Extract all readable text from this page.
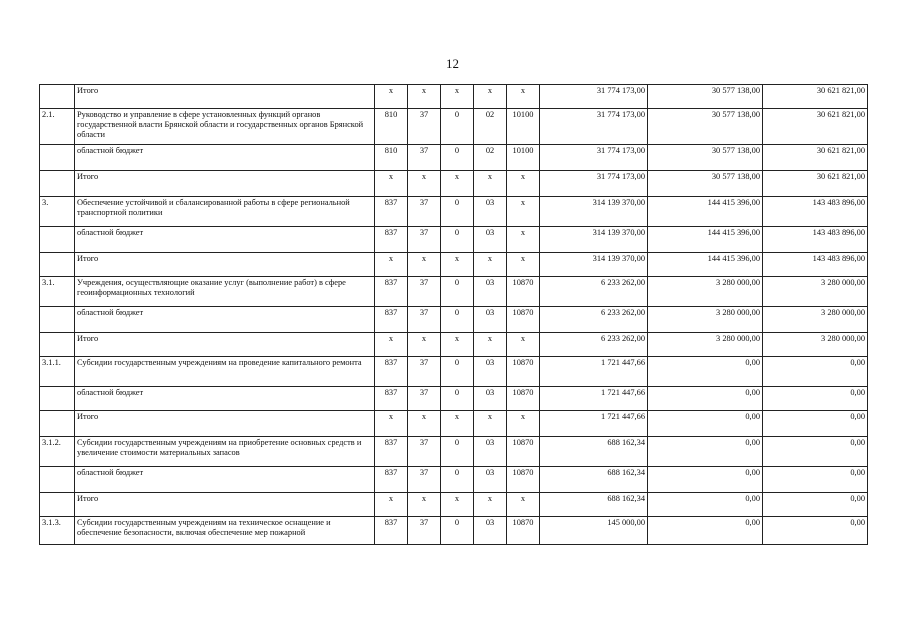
12
	Итого	x	x	x	x	x	31 774 173,00	30 577 138,00	30 621 821,00
2.1.	Руководство и управление в сфере установленных функций органов государственной власти Брянской области и государственных органов Брянской области	810	37	0	02	10100	31 774 173,00	30 577 138,00	30 621 821,00
	областной бюджет	810	37	0	02	10100	31 774 173,00	30 577 138,00	30 621 821,00
	Итого	x	x	x	x	x	31 774 173,00	30 577 138,00	30 621 821,00
3.	Обеспечение устойчивой и сбалансированной работы в сфере региональной транспортной политики	837	37	0	03	x	314 139 370,00	144 415 396,00	143 483 896,00
	областной бюджет	837	37	0	03	x	314 139 370,00	144 415 396,00	143 483 896,00
	Итого	x	x	x	x	x	314 139 370,00	144 415 396,00	143 483 896,00
3.1.	Учреждения, осуществляющие оказание услуг (выполнение работ) в сфере геоинформационных технологий	837	37	0	03	10870	6 233 262,00	3 280 000,00	3 280 000,00
	областной бюджет	837	37	0	03	10870	6 233 262,00	3 280 000,00	3 280 000,00
	Итого	x	x	x	x	x	6 233 262,00	3 280 000,00	3 280 000,00
3.1.1.	Субсидии государственным учреждениям на проведение капитального ремонта	837	37	0	03	10870	1 721 447,66	0,00	0,00
	областной бюджет	837	37	0	03	10870	1 721 447,66	0,00	0,00
	Итого	x	x	x	x	x	1 721 447,66	0,00	0,00
3.1.2.	Субсидии государственным учреждениям на приобретение основных средств и увеличение стоимости материальных запасов	837	37	0	03	10870	688 162,34	0,00	0,00
	областной бюджет	837	37	0	03	10870	688 162,34	0,00	0,00
	Итого	x	x	x	x	x	688 162,34	0,00	0,00
3.1.3.	Субсидии государственным учреждениям на техническое оснащение и обеспечение безопасности, включая обеспечение мер пожарной	837	37	0	03	10870	145 000,00	0,00	0,00
